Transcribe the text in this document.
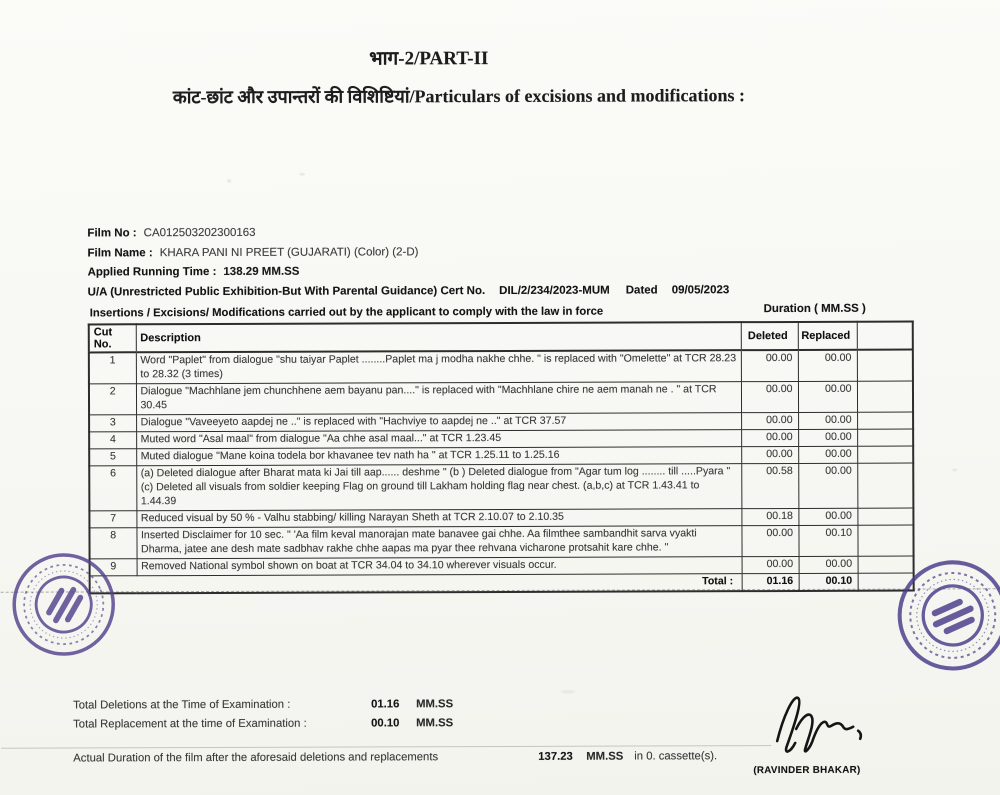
भाग-2/PART-II
कांट-छांट और उपान्तरों की विशिष्टियां/Particulars of excisions and modifications :
Film No : CA012503202300163
Film Name : KHARA PANI NI PREET (GUJARATI) (Color) (2-D)
Applied Running Time : 138.29 MM.SS
U/A (Unrestricted Public Exhibition-But With Parental Guidance) Cert No. DIL/2/234/2023-MUM Dated 09/05/2023
Insertions / Excisions/ Modifications carried out by the applicant to comply with the law in force	Duration ( MM.SS )
Cut No.	Description	Deleted	Replaced	
1	Word "Paplet" from dialogue "shu taiyar Paplet ........Paplet ma j modha nakhe chhe. " is replaced with "Omelette" at TCR 28.23 to 28.32 (3 times)	00.00	00.00	
2	Dialogue "Machhlane jem chunchhene aem bayanu pan...." is replaced with "Machhlane chire ne aem manah ne . " at TCR 30.45	00.00	00.00	
3	Dialogue "Vaveeyeto aapdej ne .." is replaced with "Hachviye to aapdej ne .." at TCR 37.57	00.00	00.00	
4	Muted word "Asal maal" from dialogue "Aa chhe asal maal..." at TCR 1.23.45	00.00	00.00	
5	Muted dialogue "Mane koina todela bor khavanee tev nath ha " at TCR 1.25.11 to 1.25.16	00.00	00.00	
6	(a) Deleted dialogue after Bharat mata ki Jai till aap...... deshme " (b ) Deleted dialogue from "Agar tum log ........ till .....Pyara " (c) Deleted all visuals from soldier keeping Flag on ground till Lakham holding flag near chest. (a,b,c) at TCR 1.43.41 to 1.44.39	00.58	00.00	
7	Reduced visual by 50 % - Valhu stabbing/ killing Narayan Sheth at TCR 2.10.07 to 2.10.35	00.18	00.00	
8	Inserted Disclaimer for 10 sec. " 'Aa film keval manorajan mate banavee gai chhe. Aa filmthee sambandhit sarva vyakti Dharma, jatee ane desh mate sadbhav rakhe chhe aapas ma pyar thee rehvana vicharone protsahit kare chhe. "	00.00	00.10	
9	Removed National symbol shown on boat at TCR 34.04 to 34.10 wherever visuals occur.	00.00	00.00	
Total :		01.16	00.10	
Total Deletions at the Time of Examination :	01.16 MM.SS
Total Replacement at the time of Examination :	00.10 MM.SS
Actual Duration of the film after the aforesaid deletions and replacements	137.23 MM.SS in 0. cassette(s).
(RAVINDER BHAKAR)
